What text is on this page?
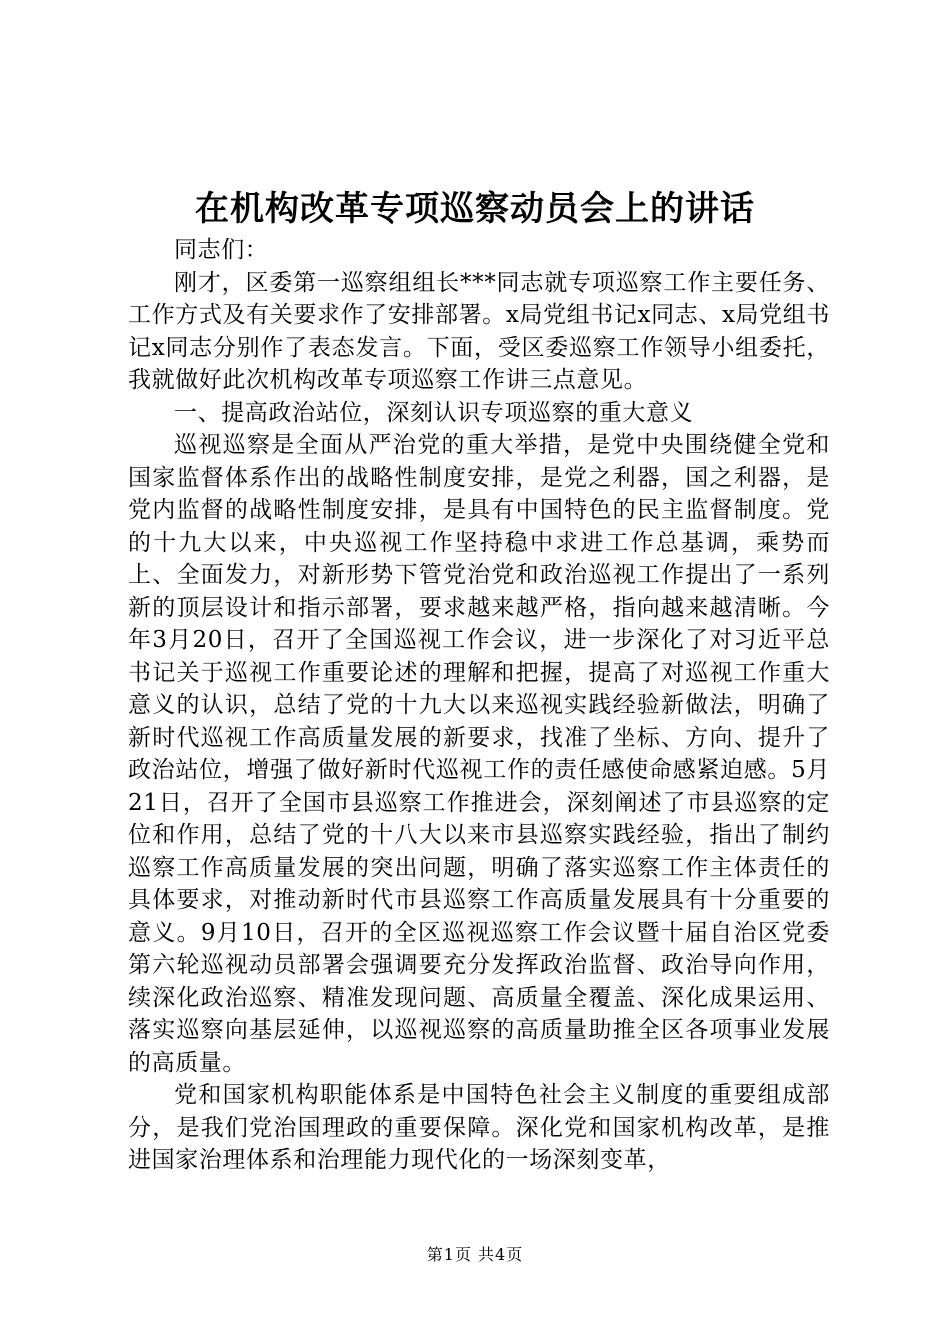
在机构改革专项巡察动员会上的讲话

同志们：

刚才，区委第一巡察组组长***同志就专项巡察工作主要任务、工作方式及有关要求作了安排部署。x局党组书记x同志、x局党组书记x同志分别作了表态发言。下面，受区委巡察工作领导小组委托，我就做好此次机构改革专项巡察工作讲三点意见。

一、提高政治站位，深刻认识专项巡察的重大意义

巡视巡察是全面从严治党的重大举措，是党中央围绕健全党和国家监督体系作出的战略性制度安排，是党之利器，国之利器，是党内监督的战略性制度安排，是具有中国特色的民主监督制度。党的十九大以来，中央巡视工作坚持稳中求进工作总基调，乘势而上、全面发力，对新形势下管党治党和政治巡视工作提出了一系列新的顶层设计和指示部署，要求越来越严格，指向越来越清晰。今年3月20日，召开了全国巡视工作会议，进一步深化了对习近平总书记关于巡视工作重要论述的理解和把握，提高了对巡视工作重大意义的认识，总结了党的十九大以来巡视实践经验新做法，明确了新时代巡视工作高质量发展的新要求，找准了坐标、方向、提升了政治站位，增强了做好新时代巡视工作的责任感使命感紧迫感。5月21日，召开了全国市县巡察工作推进会，深刻阐述了市县巡察的定位和作用，总结了党的十八大以来市县巡察实践经验，指出了制约巡察工作高质量发展的突出问题，明确了落实巡察工作主体责任的具体要求，对推动新时代市县巡察工作高质量发展具有十分重要的意义。9月10日，召开的全区巡视巡察工作会议暨十届自治区党委第六轮巡视动员部署会强调要充分发挥政治监督、政治导向作用，续深化政治巡察、精准发现问题、高质量全覆盖、深化成果运用、落实巡察向基层延伸，以巡视巡察的高质量助推全区各项事业发展的高质量。

党和国家机构职能体系是中国特色社会主义制度的重要组成部分，是我们党治国理政的重要保障。深化党和国家机构改革，是推进国家治理体系和治理能力现代化的一场深刻变革，

第1页 共4页
